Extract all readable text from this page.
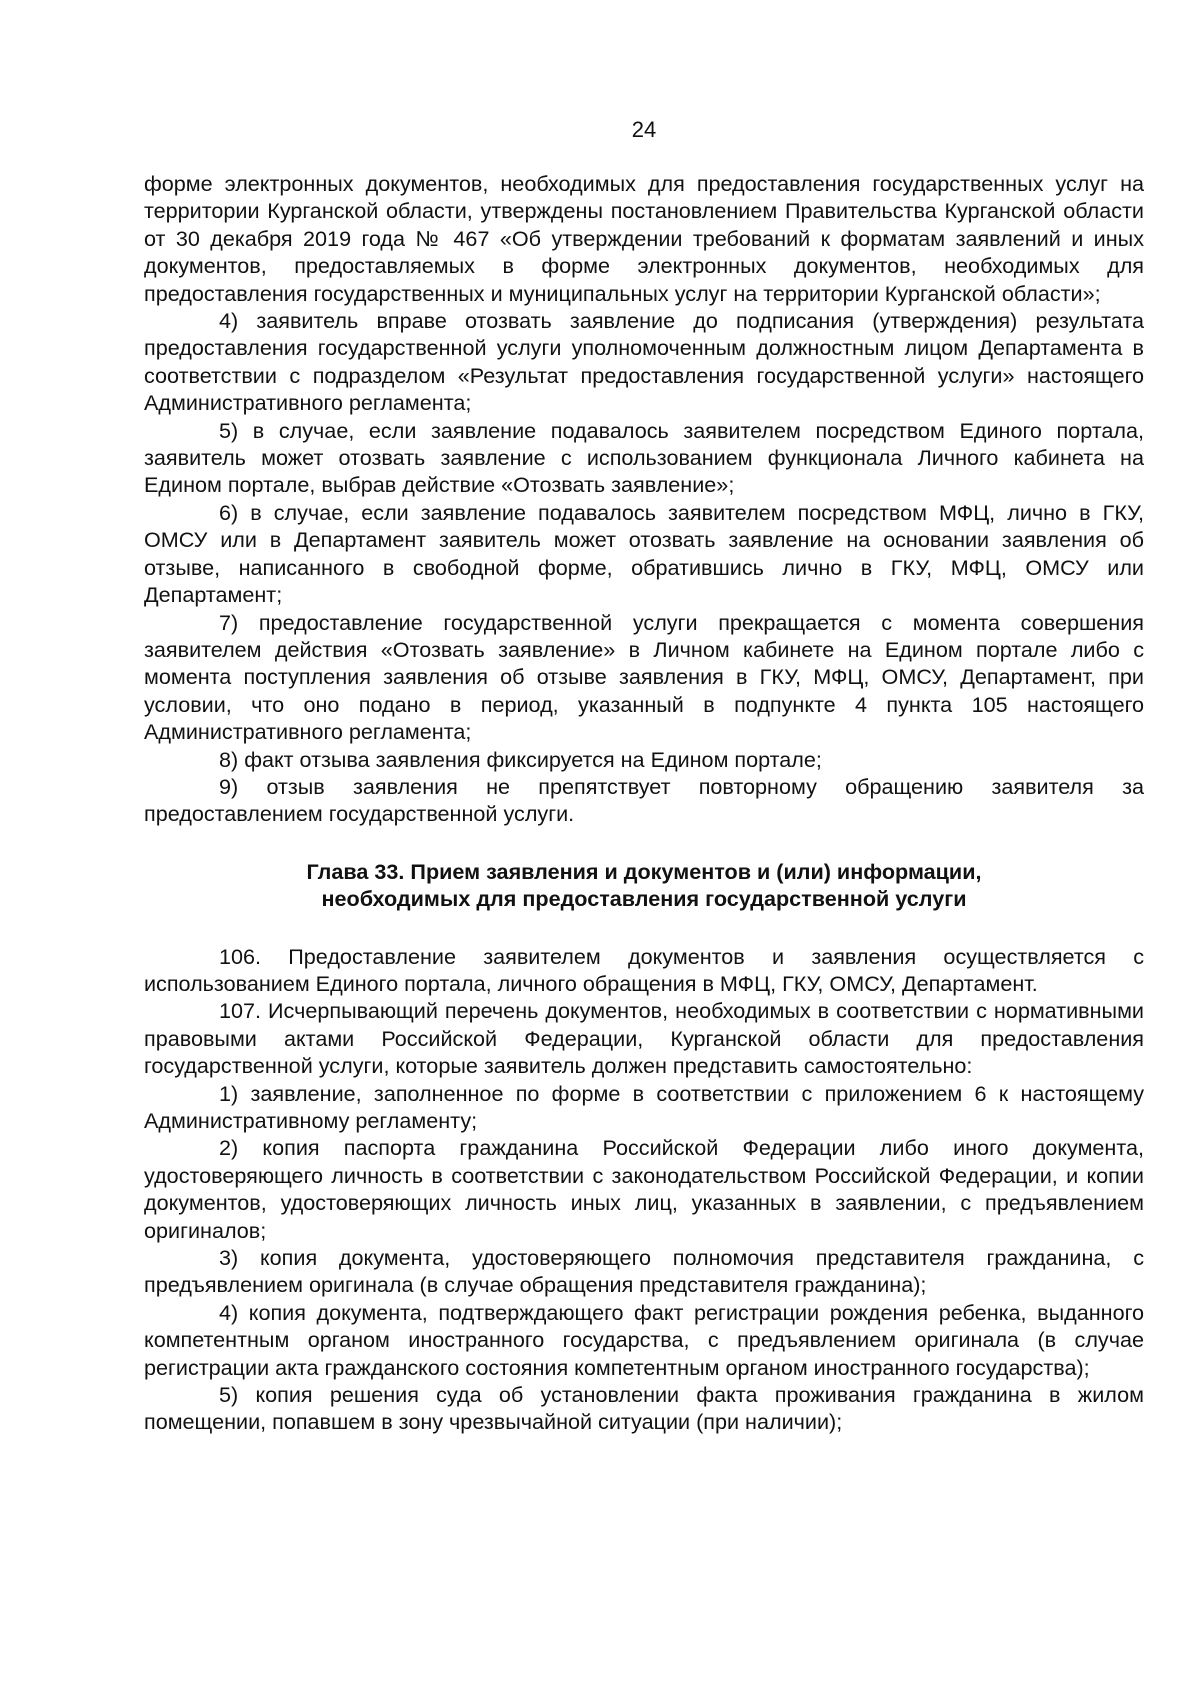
24

форме электронных документов, необходимых для предоставления государственных услуг на территории Курганской области, утверждены постановлением Правительства Курганской области от 30 декабря 2019 года № 467 «Об утверждении требований к форматам заявлений и иных документов, предоставляемых в форме электронных документов, необходимых для предоставления государственных и муниципальных услуг на территории Курганской области»;

4) заявитель вправе отозвать заявление до подписания (утверждения) результата предоставления государственной услуги уполномоченным должностным лицом Департамента в соответствии с подразделом «Результат предоставления государственной услуги» настоящего Административного регламента;

5) в случае, если заявление подавалось заявителем посредством Единого портала, заявитель может отозвать заявление с использованием функционала Личного кабинета на Едином портале, выбрав действие «Отозвать заявление»;

6) в случае, если заявление подавалось заявителем посредством МФЦ, лично в ГКУ, ОМСУ или в Департамент заявитель может отозвать заявление на основании заявления об отзыве, написанного в свободной форме, обратившись лично в ГКУ, МФЦ, ОМСУ или Департамент;

7) предоставление государственной услуги прекращается с момента совершения заявителем действия «Отозвать заявление» в Личном кабинете на Едином портале либо с момента поступления заявления об отзыве заявления в ГКУ, МФЦ, ОМСУ, Департамент, при условии, что оно подано в период, указанный в подпункте 4 пункта 105 настоящего Административного регламента;

8) факт отзыва заявления фиксируется на Едином портале;

9) отзыв заявления не препятствует повторному обращению заявителя за предоставлением государственной услуги.

Глава 33. Прием заявления и документов и (или) информации,
необходимых для предоставления государственной услуги

106. Предоставление заявителем документов и заявления осуществляется с использованием Единого портала, личного обращения в МФЦ, ГКУ, ОМСУ, Департамент.

107. Исчерпывающий перечень документов, необходимых в соответствии с нормативными правовыми актами Российской Федерации, Курганской области для предоставления государственной услуги, которые заявитель должен представить самостоятельно:

1) заявление, заполненное по форме в соответствии с приложением 6 к настоящему Административному регламенту;

2) копия паспорта гражданина Российской Федерации либо иного документа, удостоверяющего личность в соответствии с законодательством Российской Федерации, и копии документов, удостоверяющих личность иных лиц, указанных в заявлении, с предъявлением оригиналов;

3) копия документа, удостоверяющего полномочия представителя гражданина, с предъявлением оригинала (в случае обращения представителя гражданина);

4) копия документа, подтверждающего факт регистрации рождения ребенка, выданного компетентным органом иностранного государства, с предъявлением оригинала (в случае регистрации акта гражданского состояния компетентным органом иностранного государства);

5) копия решения суда об установлении факта проживания гражданина в жилом помещении, попавшем в зону чрезвычайной ситуации (при наличии);
